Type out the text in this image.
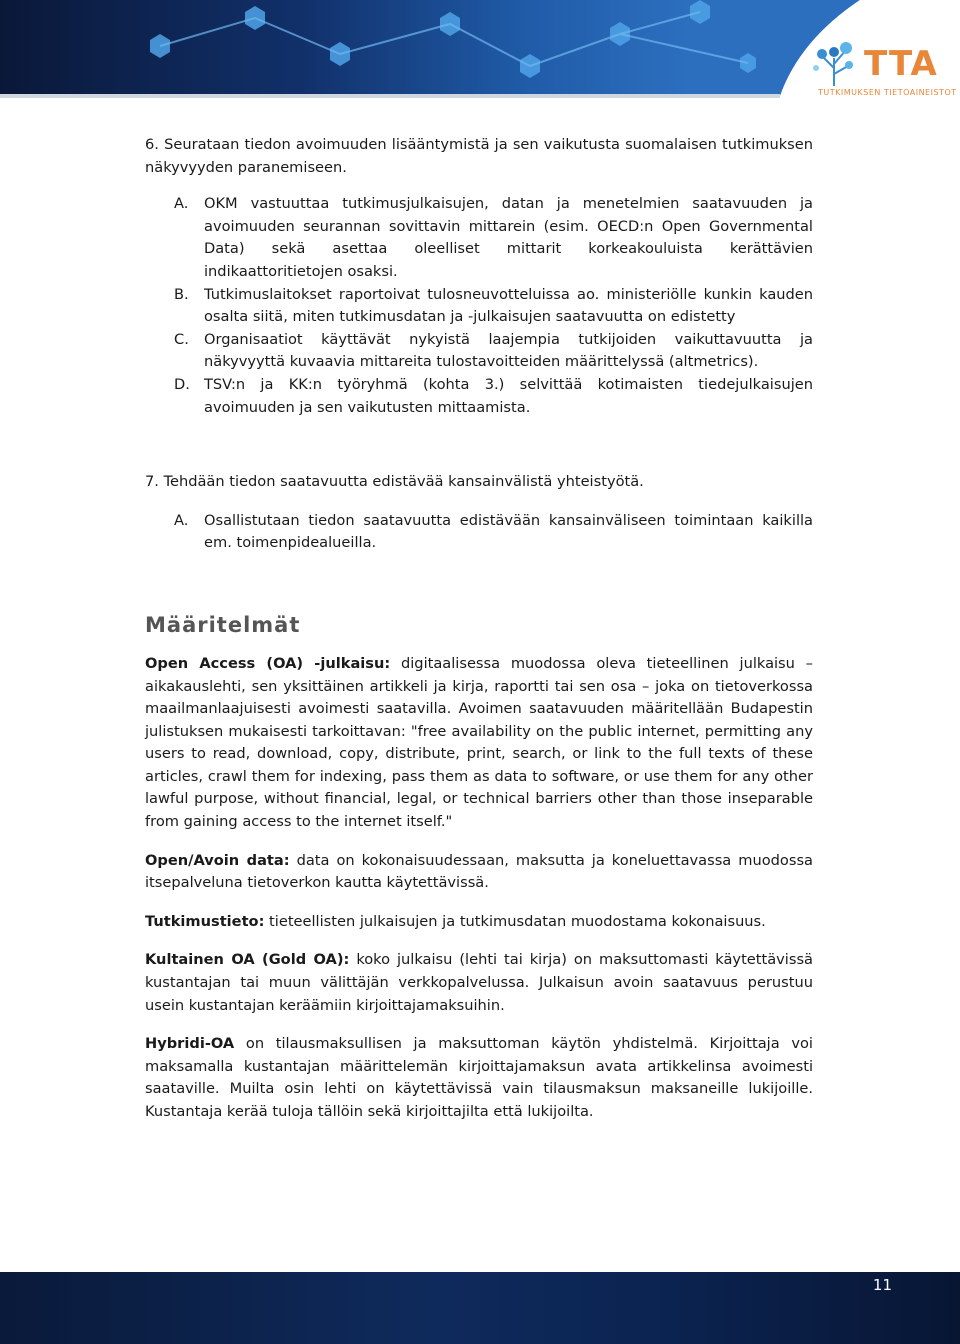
TTA
TUTKIMUKSEN TIETOAINEISTOT

6. Seurataan tiedon avoimuuden lisääntymistä ja sen vaikutusta suomalaisen tutkimuksen näkyvyyden paranemiseen.

A.	OKM vastuuttaa tutkimusjulkaisujen, datan ja menetelmien saatavuuden ja avoimuuden seurannan sovittavin mittarein (esim. OECD:n Open Governmental Data) sekä asettaa oleelliset mittarit korkeakouluista kerättävien indikaattoritietojen osaksi.
B.	Tutkimuslaitokset raportoivat tulosneuvotteluissa ao. ministeriölle kunkin kauden osalta siitä, miten tutkimusdatan ja -julkaisujen saatavuutta on edistetty
C.	Organisaatiot käyttävät nykyistä laajempia tutkijoiden vaikuttavuutta ja näkyvyyttä kuvaavia mittareita tulostavoitteiden määrittelyssä (altmetrics).
D. TSV:n ja KK:n työryhmä (kohta 3.) selvittää kotimaisten tiedejulkaisujen avoimuuden ja sen vaikutusten mittaamista.

7. Tehdään tiedon saatavuutta edistävää kansainvälistä yhteistyötä.

A.	Osallistutaan tiedon saatavuutta edistävään kansainväliseen toimintaan kaikilla em. toimenpidealueilla.
Määritelmät

Open Access (OA) -julkaisu: digitaalisessa muodossa oleva tieteellinen julkaisu – aikakauslehti, sen yksittäinen artikkeli ja kirja, raportti tai sen osa – joka on tietoverkossa maailmanlaajuisesti avoimesti saatavilla. Avoimen saatavuuden määritellään Budapestin julistuksen mukaisesti tarkoittavan: "free availability on the public internet, permitting any users to read, download, copy, distribute, print, search, or link to the full texts of these articles, crawl them for indexing, pass them as data to software, or use them for any other lawful purpose, without financial, legal, or technical barriers other than those inseparable from gaining access to the internet itself."

Open/Avoin data: data on kokonaisuudessaan, maksutta ja koneluettavassa muodossa itsepalveluna tietoverkon kautta käytettävissä.

Tutkimustieto: tieteellisten julkaisujen ja tutkimusdatan muodostama kokonaisuus.

Kultainen OA (Gold OA): koko julkaisu (lehti tai kirja) on maksuttomasti käytettävissä kustantajan tai muun välittäjän verkkopalvelussa. Julkaisun avoin saatavuus perustuu usein kustantajan keräämiin kirjoittajamaksuihin.

Hybridi-OA on tilausmaksullisen ja maksuttoman käytön yhdistelmä. Kirjoittaja voi maksamalla kustantajan määrittelemän kirjoittajamaksun avata artikkelinsa avoimesti saataville. Muilta osin lehti on käytettävissä vain tilausmaksun maksaneille lukijoille. Kustantaja kerää tuloja tällöin sekä kirjoittajilta että lukijoilta.

11
